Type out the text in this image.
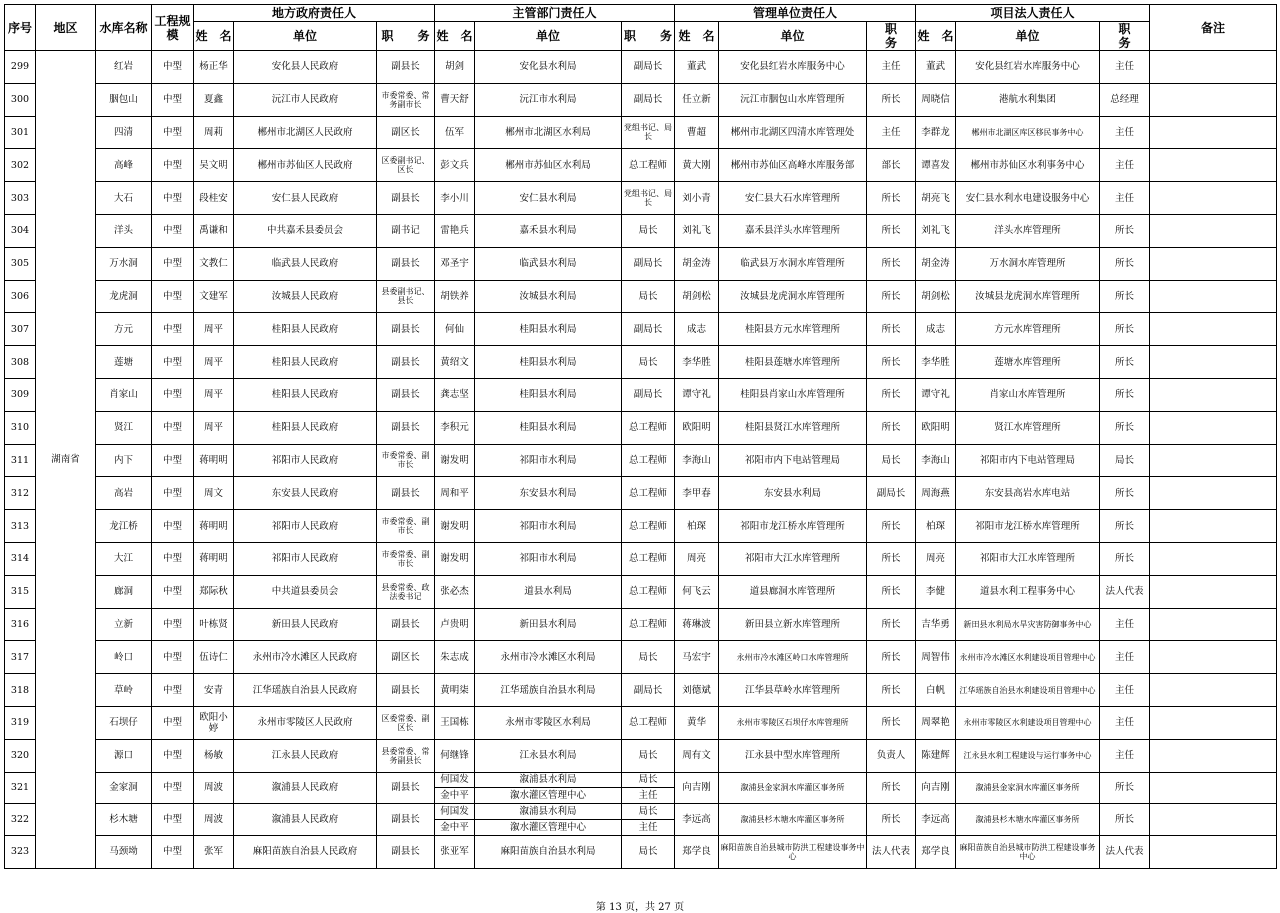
序号	地区	水库名称	工程规模	地方政府责任人			主管部门责任人			管理单位责任人			项目法人责任人			备注
				姓　名	单位	职　　务	姓　名	单位	职　　务	姓　名	单位	职　　务	姓　名	单位	职　　务	
299	湖南省	红岩	中型	杨正华	安化县人民政府	副县长	胡剑	安化县水利局	副局长	董武	安化县红岩水库服务中心	主任	董武	安化县红岩水库服务中心	主任	
300		胭包山	中型	夏鑫	沅江市人民政府	市委常委、常务副市长	曹天舒	沅江市水利局	副局长	任立新	沅江市胭包山水库管理所	所长	周晓信	港航水利集团	总经理	
301		四清	中型	周莉	郴州市北湖区人民政府	副区长	伍军	郴州市北湖区水利局	党组书记、局长	曹超	郴州市北湖区四清水库管理处	主任	李群龙	郴州市北湖区库区移民事务中心	主任	
302		高峰	中型	吴文明	郴州市苏仙区人民政府	区委副书记、区长	彭文兵	郴州市苏仙区水利局	总工程师	黄大刚	郴州市苏仙区高峰水库服务部	部长	谭喜发	郴州市苏仙区水利事务中心	主任	
303		大石	中型	段桂安	安仁县人民政府	副县长	李小川	安仁县水利局	党组书记、局长	刘小青	安仁县大石水库管理所	所长	胡亮飞	安仁县水利水电建设服务中心	主任	
304		洋头	中型	禹谦和	中共嘉禾县委员会	副书记	雷艳兵	嘉禾县水利局	局长	刘礼飞	嘉禾县洋头水库管理所	所长	刘礼飞	洋头水库管理所	所长	
305		万水洞	中型	文教仁	临武县人民政府	副县长	邓圣宇	临武县水利局	副局长	胡金涛	临武县万水洞水库管理所	所长	胡金涛	万水洞水库管理所	所长	
306		龙虎洞	中型	文建军	汝城县人民政府	县委副书记、县长	胡铁养	汝城县水利局	局长	胡剑松	汝城县龙虎洞水库管理所	所长	胡剑松	汝城县龙虎洞水库管理所	所长	
307		方元	中型	周平	桂阳县人民政府	副县长	何仙	桂阳县水利局	副局长	成志	桂阳县方元水库管理所	所长	成志	方元水库管理所	所长	
308		莲塘	中型	周平	桂阳县人民政府	副县长	黄绍文	桂阳县水利局	局长	李华胜	桂阳县莲塘水库管理所	所长	李华胜	莲塘水库管理所	所长	
309		肖家山	中型	周平	桂阳县人民政府	副县长	龚志坚	桂阳县水利局	副局长	谭守礼	桂阳县肖家山水库管理所	所长	谭守礼	肖家山水库管理所	所长	
310		贤江	中型	周平	桂阳县人民政府	副县长	李积元	桂阳县水利局	总工程师	欧阳明	桂阳县贤江水库管理所	所长	欧阳明	贤江水库管理所	所长	
311		内下	中型	蒋明明	祁阳市人民政府	市委常委、副市长	谢发明	祁阳市水利局	总工程师	李海山	祁阳市内下电站管理局	局长	李海山	祁阳市内下电站管理局	局长	
312		高岩	中型	周文	东安县人民政府	副县长	周和平	东安县水利局	总工程师	李甲春	东安县水利局	副局长	周海燕	东安县高岩水库电站	所长	
313		龙江桥	中型	蒋明明	祁阳市人民政府	市委常委、副市长	谢发明	祁阳市水利局	总工程师	柏琛	祁阳市龙江桥水库管理所	所长	柏琛	祁阳市龙江桥水库管理所	所长	
314		大江	中型	蒋明明	祁阳市人民政府	市委常委、副市长	谢发明	祁阳市水利局	总工程师	周亮	祁阳市大江水库管理所	所长	周亮	祁阳市大江水库管理所	所长	
315		廊洞	中型	郑际秋	中共道县委员会	县委常委、政法委书记	张必杰	道县水利局	总工程师	何飞云	道县廊洞水库管理所	所长	李健	道县水利工程事务中心	法人代表	
316		立新	中型	叶栋贤	新田县人民政府	副县长	卢贵明	新田县水利局	总工程师	蒋琳波	新田县立新水库管理所	所长	吉华勇	新田县水利局水旱灾害防御事务中心	主任	
317		岭口	中型	伍诗仁	永州市冷水滩区人民政府	副区长	朱志成	永州市冷水滩区水利局	局长	马宏宇	永州市冷水滩区岭口水库管理所	所长	周智伟	永州市冷水滩区水利建设项目管理中心	主任	
318		草岭	中型	安青	江华瑶族自治县人民政府	副县长	黄明柒	江华瑶族自治县水利局	副局长	刘德斌	江华县草岭水库管理所	所长	白帆	江华瑶族自治县水利建设项目管理中心	主任	
319		石坝仔	中型	欧阳小婷	永州市零陵区人民政府	区委常委、副区长	王国栋	永州市零陵区水利局	总工程师	黄华	永州市零陵区石坝仔水库管理所	所长	周翠艳	永州市零陵区水利建设项目管理中心	主任	
320		源口	中型	杨敏	江永县人民政府	县委常委、常务副县长	何继锋	江永县水利局	局长	周有文	江永县中型水库管理所	负责人	陈建辉	江永县水利工程建设与运行事务中心	主任	
321		金家洞	中型	周波	溆浦县人民政府	副县长	何国发	溆浦县水利局	局长	向吉刚	溆浦县金家洞水库灌区事务所	所长	向吉刚	溆浦县金家洞水库灌区事务所	所长	
							金中平	溆水灌区管理中心	主任							
322		杉木塘	中型	周波	溆浦县人民政府	副县长	何国发	溆浦县水利局	局长	李远高	溆浦县杉木塘水库灌区事务所	所长	李远高	溆浦县杉木塘水库灌区事务所	所长	
							金中平	溆水灌区管理中心	主任							
323		马颈坳	中型	张军	麻阳苗族自治县人民政府	副县长	张亚军	麻阳苗族自治县水利局	局长	郑学良	麻阳苗族自治县城市防洪工程建设事务中心	法人代表	郑学良	麻阳苗族自治县城市防洪工程建设事务中心	法人代表	
第 13 页，共 27 页
